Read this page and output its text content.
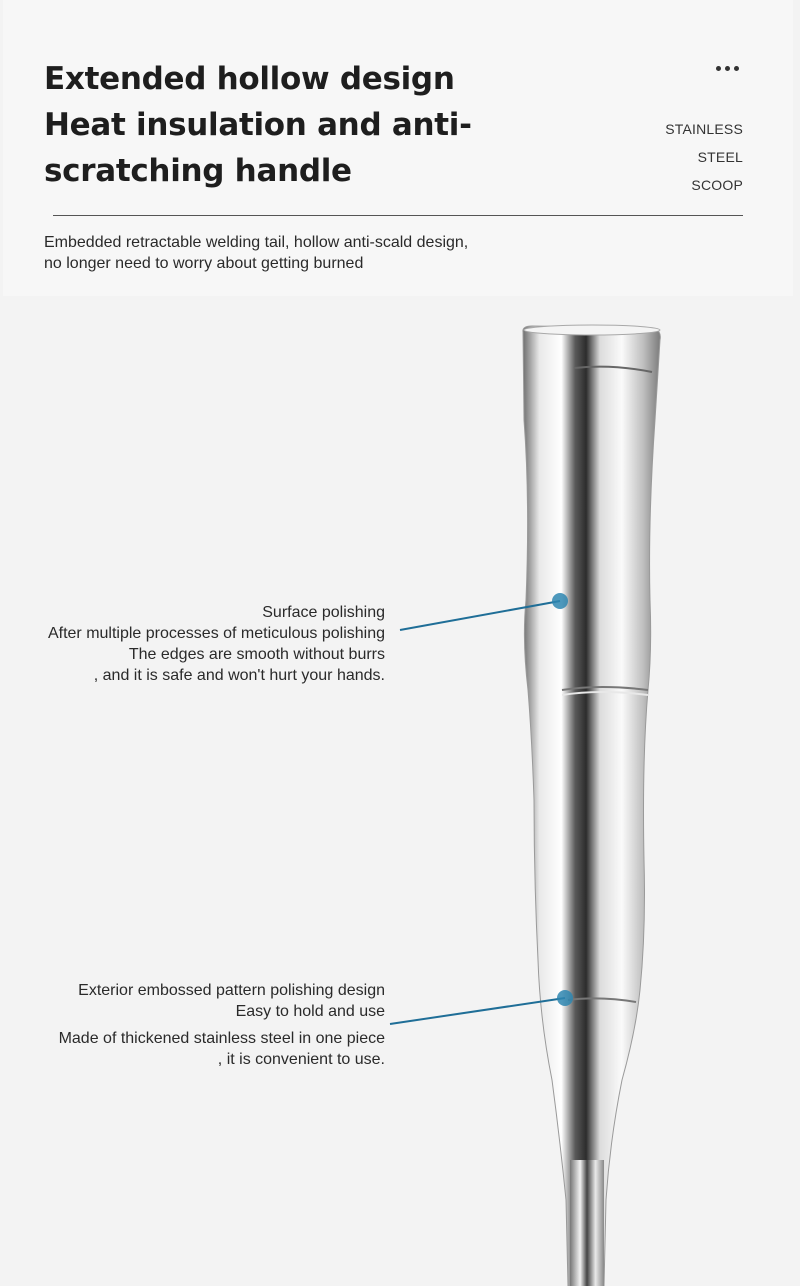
Extended hollow design
Heat insulation and anti-
scratching handle
STAINLESS
STEEL
SCOOP
Embedded retractable welding tail, hollow anti-scald design,
no longer need to worry about getting burned
Surface polishing
After multiple processes of meticulous polishing
The edges are smooth without burrs
, and it is safe and won't hurt your hands.
Exterior embossed pattern polishing design
Easy to hold and use
Made of thickened stainless steel in one piece
, it is convenient to use.
